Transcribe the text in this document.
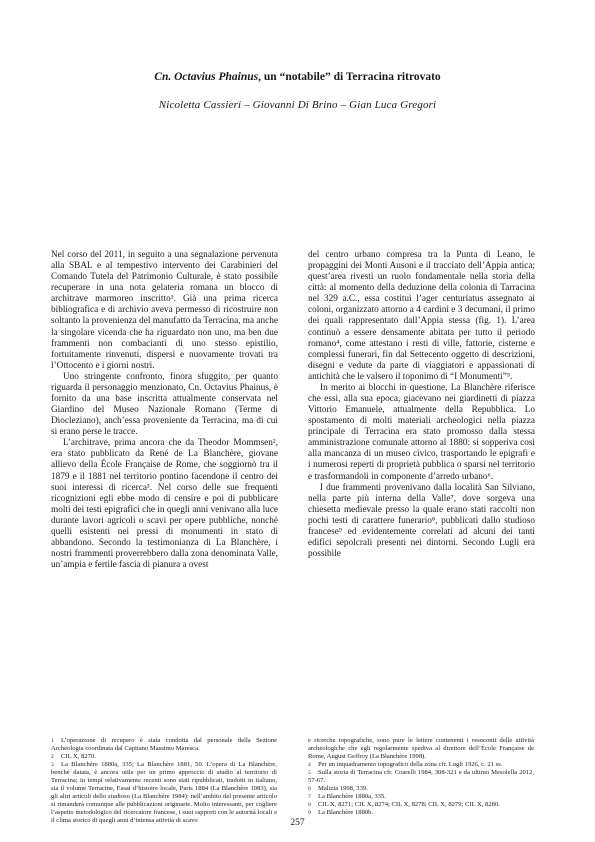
Cn. Octavius Phainus, un “notabile” di Terracina ritrovato
Nicoletta Cassieri – Giovanni Di Brino – Gian Luca Gregori

Nel corso del 2011, in seguito a una segnalazione pervenuta alla SBAL e al tempestivo intervento dei Carabinieri del Comando Tutela del Patrimonio Culturale, è stato possibile recuperare in una nota gelateria romana un blocco di architrave marmoreo inscritto¹. Già una prima ricerca bibliografica e di archivio aveva permesso di ricostruire non soltanto la provenienza del manufatto da Terracina, ma anche la singolare vicenda che ha riguardato non uno, ma ben due frammenti non combacianti di uno stesso epistilio, fortuitamente rinvenuti, dispersi e nuovamente trovati tra l’Ottocento e i giorni nostri.

Uno stringente confronto, finora sfuggito, per quanto riguarda il personaggio menzionato, Cn. Octavius Phainus, è fornito da una base inscritta attualmente conservata nel Giardino del Museo Nazionale Romano (Terme di Diocleziano), anch’essa proveniente da Terracina, ma di cui si erano perse le tracce.

L’architrave, prima ancora che da Theodor Mommsen², era stato pubblicato da René de La Blanchère, giovane allievo della École Française de Rome, che soggiornò tra il 1879 e il 1881 nel territorio pontino facendone il centro dei suoi interessi di ricerca³. Nel corso delle sue frequenti ricognizioni egli ebbe modo di censire e poi di pubblicare molti dei testi epigrafici che in quegli anni venivano alla luce durante lavori agricoli o scavi per opere pubbliche, nonché quelli esistenti nei pressi di monumenti in stato di abbandono. Secondo la testimonianza di La Blanchère, i nostri frammenti proverrebbero dalla zona denominata Valle, un’ampia e fertile fascia di pianura a ovest

del centro urbano compresa tra la Punta di Leano, le propaggini dei Monti Ausoni e il tracciato dell’Appia antica; quest’area rivestì un ruolo fondamentale nella storia della città: al momento della deduzione della colonia di Tarracina nel 329 a.C., essa costituì l’ager centuriatus assegnato ai coloni, organizzato attorno a 4 cardini e 3 decumani, il primo dei quali rappresentato dall’Appia stessa (fig. 1). L’area continuò a essere densamente abitata per tutto il periodo romano⁴, come attestano i resti di ville, fattorie, cisterne e complessi funerari, fin dal Settecento oggetto di descrizioni, disegni e vedute da parte di viaggiatori e appassionati di antichità che le valsero il toponimo di “I Monumenti”⁵.

In merito ai blocchi in questione, La Blanchère riferisce che essi, alla sua epoca, giacevano nei giardinetti di piazza Vittorio Emanuele, attualmente della Repubblica. Lo spostamento di molti materiali archeologici nella piazza principale di Terracina era stato promosso dalla stessa amministrazione comunale attorno al 1880: si sopperiva così alla mancanza di un museo civico, trasportando le epigrafi e i numerosi reperti di proprietà pubblica o sparsi nel territorio e trasformandoli in componente d’arredo urbano⁶.

I due frammenti provenivano dalla località San Silviano, nella parte più interna della Valle⁷, dove sorgeva una chiesetta medievale presso la quale erano stati raccolti non pochi testi di carattere funerario⁸, pubblicati dallo studioso francese⁹ ed evidentemente correlati ad alcuni dei tanti edifici sepolcrali presenti nei dintorni. Secondo Lugli era possibile

1 L’operazione di recupero è stata condotta dal personale della Sezione Archeologia coordinata dal Capitano Massimo Maresca.

2 CIL X, 8270.

3 La Blanchère 1880a, 335; La Blanchère 1881, 50. L’opera di La Blanchère, benché datata, è ancora utile per un primo approccio di studio al territorio di Terracina; in tempi relativamente recenti sono stati ripubblicati, tradotti in italiano, sia il volume Terracine, Essai d’histoire locale, Paris 1884 (La Blanchère 1983), sia gli altri articoli dello studioso (La Blanchère 1984): nell’ambito del presente articolo si rimanderà comunque alle pubblicazioni originarie. Molto interessanti, per cogliere l’aspetto metodologico del ricercatore francese, i suoi rapporti con le autorità locali e il clima storico di quegli anni d’intensa attività di scavo

e ricerche topografiche, sono pure le lettere contenenti i resoconti delle attività archeologiche che egli regolarmente spediva al direttore dell’École Française de Rome, August Geffroy (La Blanchère 1998).

4 Per un inquadramento topografico della zona cfr. Lugli 1926, c. 21 ss.

5 Sulla storia di Terracina cfr. Coarelli 1984, 308-321 e da ultimo Mesolella 2012, 57-67.

6 Malizia 1998, 339.

7 La Blanchère 1880a, 335.

8 CIL X, 8271; CIL X, 8274; CIL X, 8278; CIL X, 8279; CIL X, 8280.

9 La Blanchère 1880b.

257
